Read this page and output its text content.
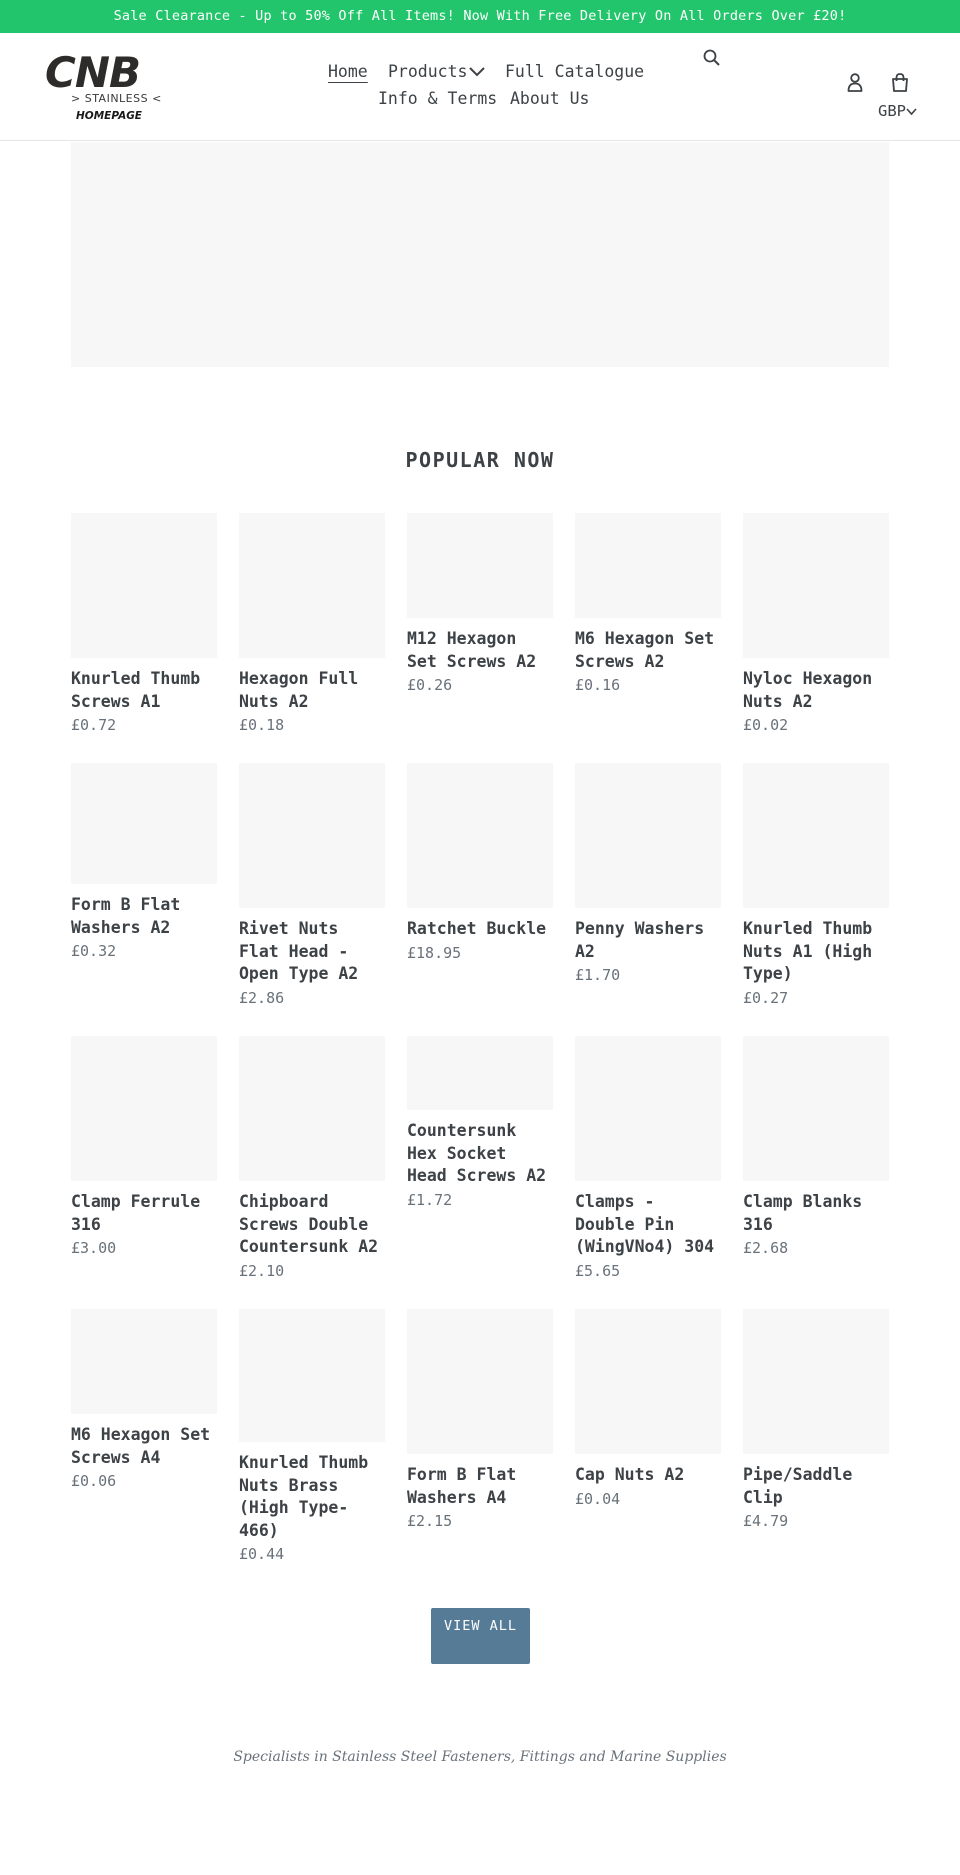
Sale Clearance - Up to 50% Off All Items! Now With Free Delivery On All Orders Over £20!
CNB
> STAINLESS <
HOMEPAGE
Home Products	Full Catalogue
Info & Terms About Us
GBP
POPULAR NOW

Knurled Thumb Screws A1

£0.72

Hexagon Full Nuts A2

£0.18

M12 Hexagon Set Screws A2

£0.26

M6 Hexagon Set Screws A2

£0.16	Nyloc Hexagon Nuts A2

£0.02

Form B Flat Washers A2

£0.32

Rivet Nuts Flat Head - Open Type A2

£2.86

Ratchet Buckle

£18.95

Penny Washers A2

£1.70

Knurled Thumb Nuts A1 (High Type)

£0.27

Clamp Ferrule 316

£3.00

Chipboard Screws Double Countersunk A2

£2.10

Countersunk Hex Socket Head Screws A2

£1.72	Clamps - Double Pin (WingVNo4) 304

£5.65

Clamp Blanks 316

£2.68

M6 Hexagon Set Screws A4

£0.06

Knurled Thumb Nuts Brass (High Type-466)

£0.44

Form B Flat Washers A4

£2.15

Cap Nuts A2

£0.04

Pipe/Saddle Clip

£4.79

VIEW ALL

Specialists in Stainless Steel Fasteners, Fittings and Marine Supplies
